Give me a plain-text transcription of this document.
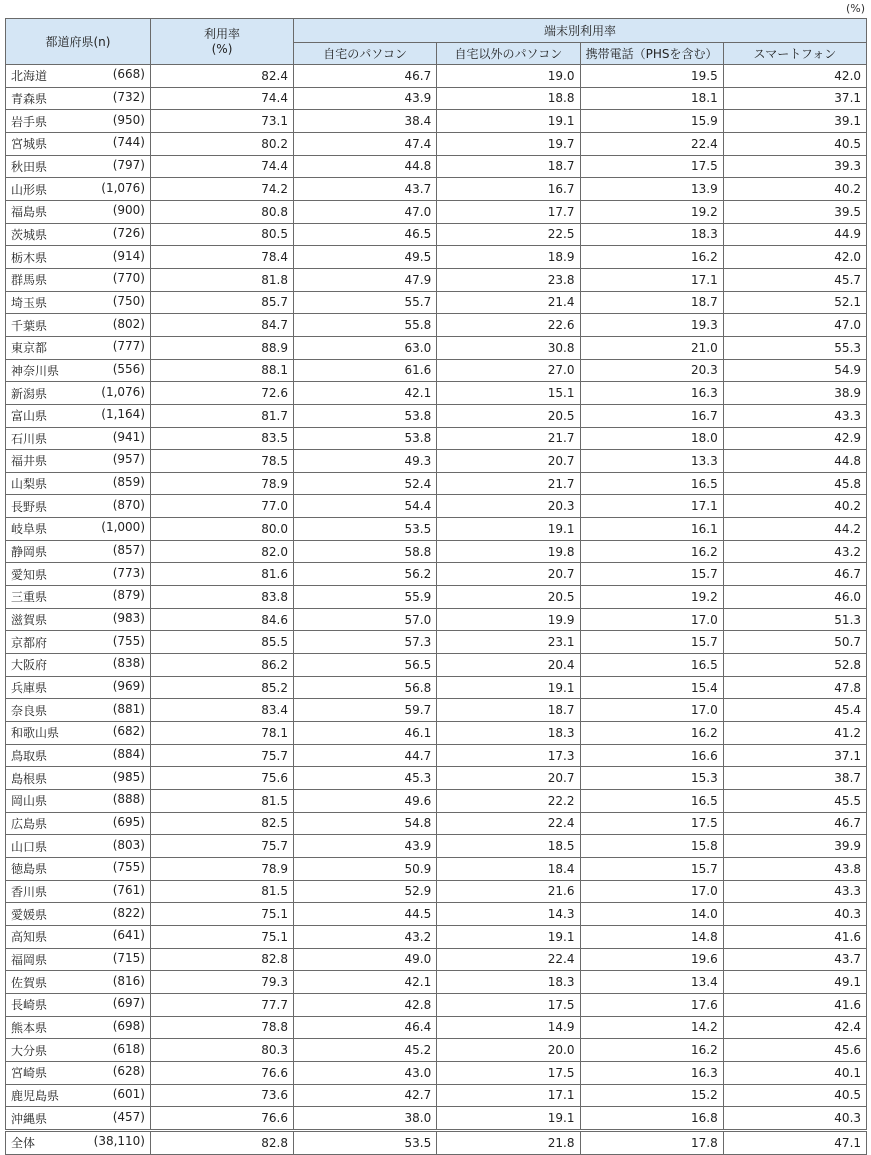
(%)
都道府県(n)	利用率
(%)	端末別利用率			
		自宅のパソコン	自宅以外のパソコン	携帯電話（PHSを含む）	スマートフォン

北海道 (668)	82.4	46.7	19.0	19.5	42.0

青森県 (732)	74.4	43.9	18.8	18.1	37.1

岩手県 (950)	73.1	38.4	19.1	15.9	39.1

宮城県 (744)	80.2	47.4	19.7	22.4	40.5

秋田県 (797)	74.4	44.8	18.7	17.5	39.3

山形県 (1,076)	74.2	43.7	16.7	13.9	40.2

福島県 (900)	80.8	47.0	17.7	19.2	39.5

茨城県 (726)	80.5	46.5	22.5	18.3	44.9

栃木県 (914)	78.4	49.5	18.9	16.2	42.0

群馬県 (770)	81.8	47.9	23.8	17.1	45.7

埼玉県 (750)	85.7	55.7	21.4	18.7	52.1

千葉県 (802)	84.7	55.8	22.6	19.3	47.0

東京都 (777)	88.9	63.0	30.8	21.0	55.3

神奈川県 (556)	88.1	61.6	27.0	20.3	54.9

新潟県 (1,076)	72.6	42.1	15.1	16.3	38.9

富山県 (1,164)	81.7	53.8	20.5	16.7	43.3

石川県 (941)	83.5	53.8	21.7	18.0	42.9

福井県 (957)	78.5	49.3	20.7	13.3	44.8

山梨県 (859)	78.9	52.4	21.7	16.5	45.8

長野県 (870)	77.0	54.4	20.3	17.1	40.2

岐阜県 (1,000)	80.0	53.5	19.1	16.1	44.2

静岡県 (857)	82.0	58.8	19.8	16.2	43.2

愛知県 (773)	81.6	56.2	20.7	15.7	46.7

三重県 (879)	83.8	55.9	20.5	19.2	46.0

滋賀県 (983)	84.6	57.0	19.9	17.0	51.3

京都府 (755)	85.5	57.3	23.1	15.7	50.7

大阪府 (838)	86.2	56.5	20.4	16.5	52.8

兵庫県 (969)	85.2	56.8	19.1	15.4	47.8

奈良県 (881)	83.4	59.7	18.7	17.0	45.4

和歌山県 (682)	78.1	46.1	18.3	16.2	41.2

鳥取県 (884)	75.7	44.7	17.3	16.6	37.1

島根県 (985)	75.6	45.3	20.7	15.3	38.7

岡山県 (888)	81.5	49.6	22.2	16.5	45.5

広島県 (695)	82.5	54.8	22.4	17.5	46.7

山口県 (803)	75.7	43.9	18.5	15.8	39.9

徳島県 (755)	78.9	50.9	18.4	15.7	43.8

香川県 (761)	81.5	52.9	21.6	17.0	43.3

愛媛県 (822)	75.1	44.5	14.3	14.0	40.3

高知県 (641)	75.1	43.2	19.1	14.8	41.6

福岡県 (715)	82.8	49.0	22.4	19.6	43.7

佐賀県 (816)	79.3	42.1	18.3	13.4	49.1

長崎県 (697)	77.7	42.8	17.5	17.6	41.6

熊本県 (698)	78.8	46.4	14.9	14.2	42.4

大分県 (618)	80.3	45.2	20.0	16.2	45.6

宮崎県 (628)	76.6	43.0	17.5	16.3	40.1

鹿児島県 (601)	73.6	42.7	17.1	15.2	40.5

沖縄県 (457)	76.6	38.0	19.1	16.8	40.3

全体 (38,110)	82.8	53.5	21.8	17.8	47.1
